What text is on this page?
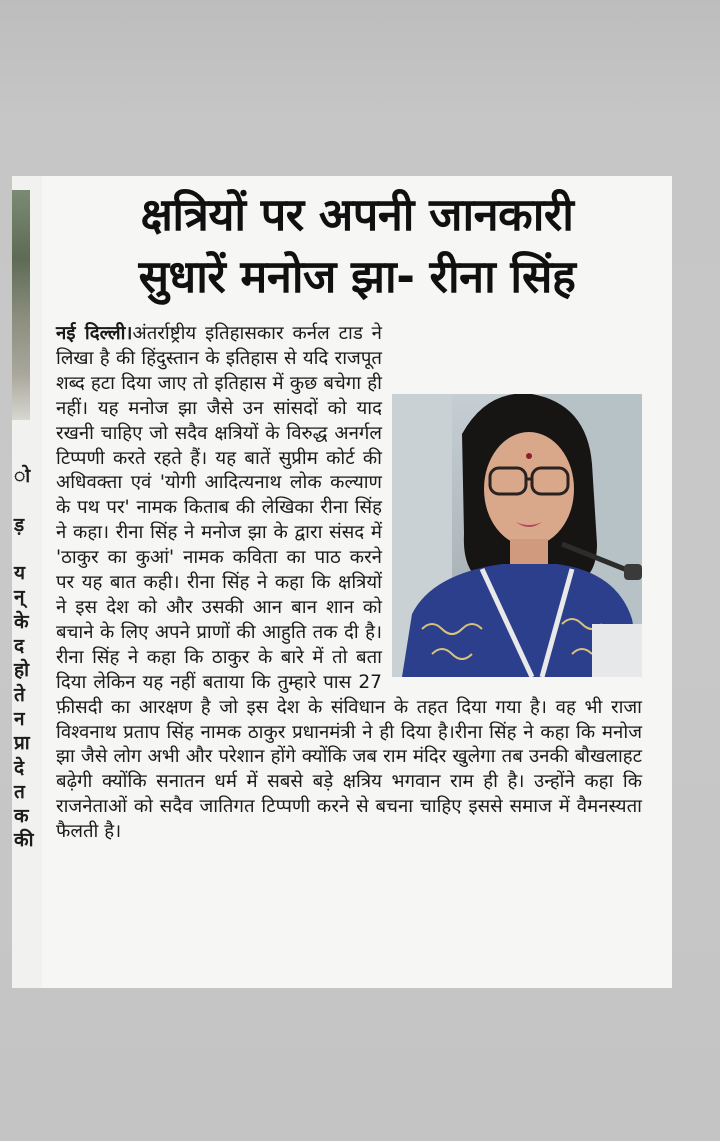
ो

ड़

य
न्
के
द
हो
ते
न
प्रा
दे
त
क
की
क्षत्रियों पर अपनी जानकारी
सुधारें मनोज झा- रीना सिंह
नई दिल्ली।अंतर्राष्ट्रीय इतिहासकार कर्नल टाड ने लिखा है की हिंदुस्तान के इतिहास से यदि राजपूत शब्द हटा दिया जाए तो इतिहास में कुछ बचेगा ही नहीं। यह मनोज झा जैसे उन सांसदों को याद रखनी चाहिए जो सदैव क्षत्रियों के विरुद्ध अनर्गल टिप्पणी करते रहते हैं। यह बातें सुप्रीम कोर्ट की अधिवक्ता एवं 'योगी आदित्यनाथ लोक कल्याण के पथ पर' नामक किताब की लेखिका रीना सिंह ने कहा। रीना सिंह ने मनोज झा के द्वारा संसद में 'ठाकुर का कुआं' नामक कविता का पाठ करने पर यह बात कही। रीना सिंह ने कहा कि क्षत्रियों ने इस देश को और उसकी आन बान शान को बचाने के लिए अपने प्राणों की आहुति तक दी है। रीना सिंह ने कहा कि ठाकुर के बारे में तो बता दिया लेकिन यह नहीं बताया कि तुम्हारे पास 27 फ़ीसदी का आरक्षण है जो इस देश के संविधान के तहत दिया गया है। वह भी राजा विश्वनाथ प्रताप सिंह नामक ठाकुर प्रधानमंत्री ने ही दिया है।रीना सिंह ने कहा कि मनोज झा जैसे लोग अभी और परेशान होंगे क्योंकि जब राम मंदिर खुलेगा तब उनकी बौखलाहट बढ़ेगी क्योंकि सनातन धर्म में सबसे बड़े क्षत्रिय भगवान राम ही है। उन्होंने कहा कि राजनेताओं को सदैव जातिगत टिप्पणी करने से बचना चाहिए इससे समाज में वैमनस्यता फैलती है।
